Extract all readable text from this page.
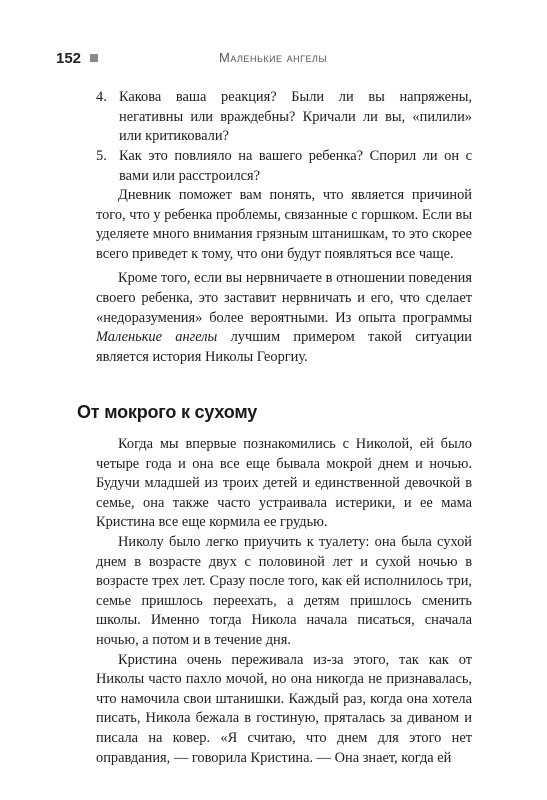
152	Маленькие ангелы
4. Какова ваша реакция? Были ли вы напряжены, негативны или враждебны? Кричали ли вы, «пилили» или критиковали?
5. Как это повлияло на вашего ребенка? Спорил ли он с вами или расстроился?

Дневник поможет вам понять, что является причиной того, что у ребенка проблемы, связанные с горшком. Если вы уделяете много внимания грязным штанишкам, то это скорее всего приведет к тому, что они будут появляться все чаще.

Кроме того, если вы нервничаете в отношении поведения своего ребенка, это заставит нервничать и его, что сделает «недоразумения» более вероятными. Из опыта программы Маленькие ангелы лучшим примером такой ситуации является история Николы Георгиу.

От мокрого к сухому

Когда мы впервые познакомились с Николой, ей было четыре года и она все еще бывала мокрой днем и ночью. Будучи младшей из троих детей и единственной девочкой в семье, она также часто устраивала истерики, и ее мама Кристина все еще кормила ее грудью.

Николу было легко приучить к туалету: она была сухой днем в возрасте двух с половиной лет и сухой ночью в возрасте трех лет. Сразу после того, как ей исполнилось три, семье пришлось переехать, а детям пришлось сменить школы. Именно тогда Никола начала писаться, сначала ночью, а потом и в течение дня.

Кристина очень переживала из-за этого, так как от Николы часто пахло мочой, но она никогда не признавалась, что намочила свои штанишки. Каждый раз, когда она хотела писать, Никола бежала в гостиную, пряталась за диваном и писала на ковер. «Я считаю, что днем для этого нет оправдания, — говорила Кристина. — Она знает, когда ей
